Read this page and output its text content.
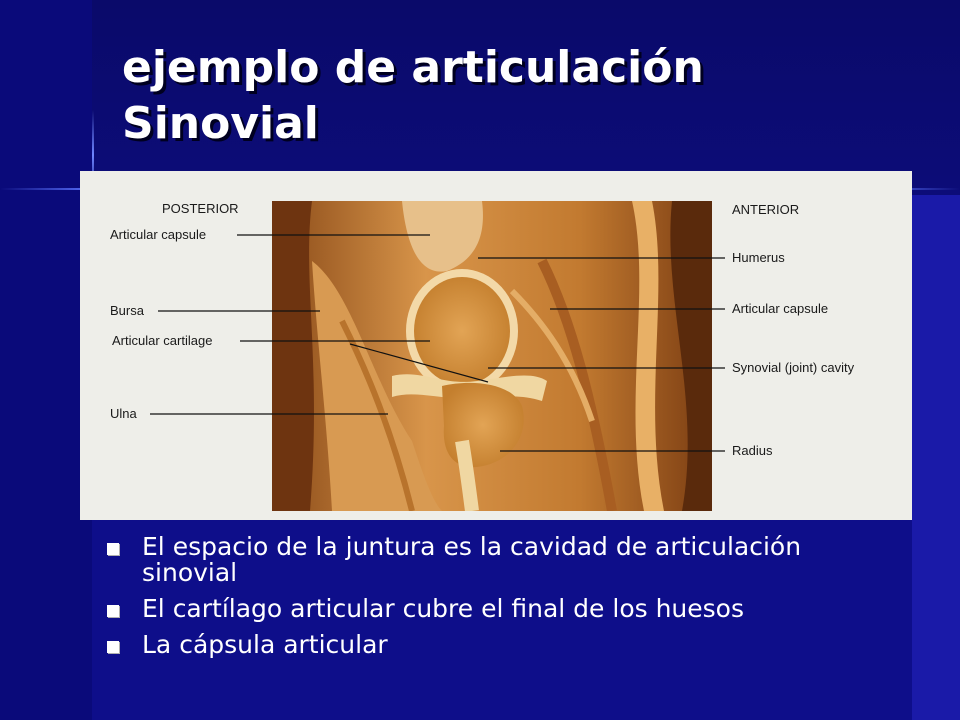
ejemplo de articulación Sinovial
POSTERIOR	ANTERIOR
Articular capsule
Bursa
Articular cartilage
Ulna
Humerus
Articular capsule
Synovial (joint) cavity
Radius
El espacio de la juntura es la cavidad de articulación sinovial
El cartílago articular cubre el final de los huesos
La cápsula articular
